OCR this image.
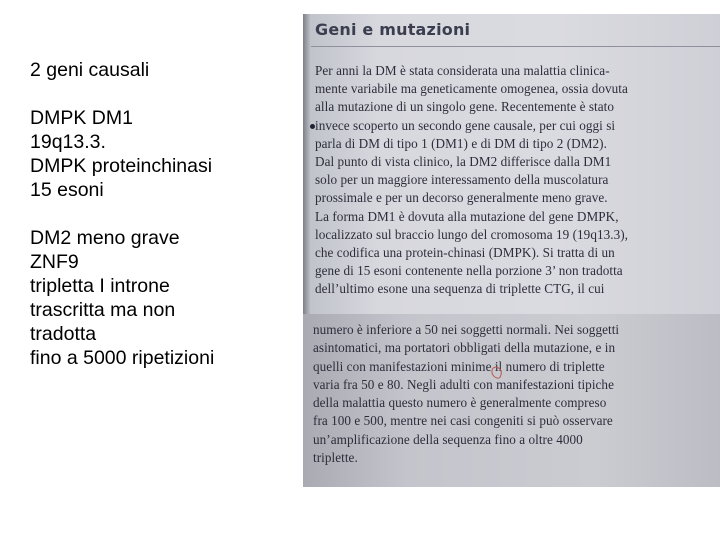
2 geni causali

DMPK DM1

19q13.3.

DMPK proteinchinasi

15 esoni

DM2 meno grave

ZNF9

tripletta I introne

trascritta ma non

tradotta

fino a 5000 ripetizioni

Geni e mutazioni
Per anni la DM è stata considerata una malattia clinica-
mente variabile ma geneticamente omogenea, ossia dovuta
alla mutazione di un singolo gene. Recentemente è stato
invece scoperto un secondo gene causale, per cui oggi si
parla di DM di tipo 1 (DM1) e di DM di tipo 2 (DM2).
Dal punto di vista clinico, la DM2 differisce dalla DM1
solo per un maggiore interessamento della muscolatura
prossimale e per un decorso generalmente meno grave.
La forma DM1 è dovuta alla mutazione del gene DMPK,
localizzato sul braccio lungo del cromosoma 19 (19q13.3),
che codifica una protein-chinasi (DMPK). Si tratta di un
gene di 15 esoni contenente nella porzione 3’ non tradotta
dell’ultimo esone una sequenza di triplette CTG, il cui
numero è inferiore a 50 nei soggetti normali. Nei soggetti
asintomatici, ma portatori obbligati della mutazione, e in
quelli con manifestazioni minime il numero di triplette
varia fra 50 e 80. Negli adulti con manifestazioni tipiche
della malattia questo numero è generalmente compreso
fra 100 e 500, mentre nei casi congeniti si può osservare
un’amplificazione della sequenza fino a oltre 4000
triplette.
